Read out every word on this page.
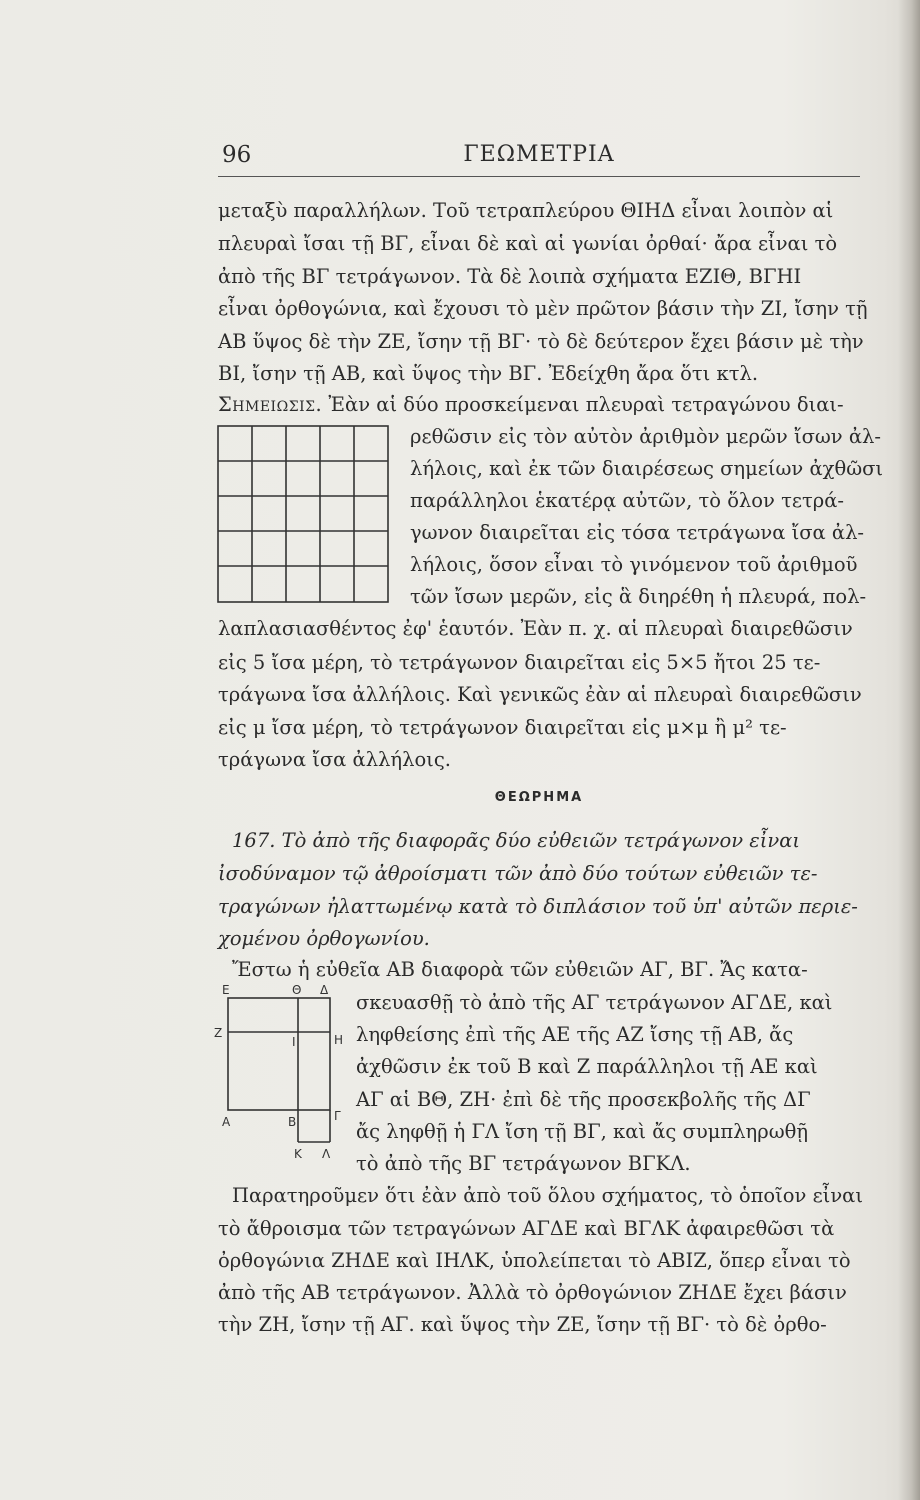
96	ΓΕΩΜΕΤΡΙΑ
μεταξὺ παραλλήλων. Τοῦ τετραπλεύρου ΘΙΗΔ εἶναι λοιπὸν αἱ
πλευραὶ ἴσαι τῇ ΒΓ, εἶναι δὲ καὶ αἱ γωνίαι ὀρθαί· ἄρα εἶναι τὸ
ἀπὸ τῆς ΒΓ τετράγωνον. Τὰ δὲ λοιπὰ σχήματα ΕΖΙΘ, ΒΓΗΙ
εἶναι ὀρθογώνια, καὶ ἔχουσι τὸ μὲν πρῶτον βάσιν τὴν ΖΙ, ἴσην τῇ
ΑΒ ὕψος δὲ τὴν ΖΕ, ἴσην τῇ ΒΓ· τὸ δὲ δεύτερον ἔχει βάσιν μὲ τὴν
ΒΙ, ἴσην τῇ ΑΒ, καὶ ὕψος τὴν ΒΓ. Ἐδείχθη ἄρα ὅτι κτλ.
Σημειωσις. Ἐὰν αἱ δύο προσκείμεναι πλευραὶ τετραγώνου διαι-
ρεθῶσιν εἰς τὸν αὐτὸν ἀριθμὸν μερῶν ἴσων ἀλ-
λήλοις, καὶ ἐκ τῶν διαιρέσεως σημείων ἀχθῶσι
παράλληλοι ἑκατέρᾳ αὐτῶν, τὸ ὅλον τετρά-
γωνον διαιρεῖται εἰς τόσα τετράγωνα ἴσα ἀλ-
λήλοις, ὅσον εἶναι τὸ γινόμενον τοῦ ἀριθμοῦ
τῶν ἴσων μερῶν, εἰς ἃ διηρέθη ἡ πλευρά, πολ-
λαπλασιασθέντος ἐφ' ἑαυτόν. Ἐὰν π. χ. αἱ πλευραὶ διαιρεθῶσιν
εἰς 5 ἴσα μέρη, τὸ τετράγωνον διαιρεῖται εἰς 5×5 ἤτοι 25 τε-
τράγωνα ἴσα ἀλλήλοις. Καὶ γενικῶς ἐὰν αἱ πλευραὶ διαιρεθῶσιν
εἰς μ ἴσα μέρη, τὸ τετράγωνον διαιρεῖται εἰς μ×μ ἢ μ² τε-
τράγωνα ἴσα ἀλλήλοις.
ΘΕΩΡΗΜΑ
167. Τὸ ἀπὸ τῆς διαφορᾶς δύο εὐθειῶν τετράγωνον εἶναι
ἰσοδύναμον τῷ ἀθροίσματι τῶν ἀπὸ δύο τούτων εὐθειῶν τε-
τραγώνων ἠλαττωμένῳ κατὰ τὸ διπλάσιον τοῦ ὑπ' αὐτῶν περιε-
χομένου ὀρθογωνίου.
Ἔστω ἡ εὐθεῖα ΑΒ διαφορὰ τῶν εὐθειῶν ΑΓ, ΒΓ. Ἄς κατα-
Ε	Θ Δ
Ζ
Ι	Η
Α	Β	Γ
Κ Λ
σκευασθῇ τὸ ἀπὸ τῆς ΑΓ τετράγωνον ΑΓΔΕ, καὶ
ληφθείσης ἐπὶ τῆς ΑΕ τῆς ΑΖ ἴσης τῇ ΑΒ, ἄς
ἀχθῶσιν ἐκ τοῦ Β καὶ Ζ παράλληλοι τῇ ΑΕ καὶ
ΑΓ αἱ ΒΘ, ΖΗ· ἐπὶ δὲ τῆς προσεκβολῆς τῆς ΔΓ
ἄς ληφθῇ ἡ ΓΛ ἴση τῇ ΒΓ, καὶ ἄς συμπληρωθῇ
τὸ ἀπὸ τῆς ΒΓ τετράγωνον ΒΓΚΛ.
Παρατηροῦμεν ὅτι ἐὰν ἀπὸ τοῦ ὅλου σχήματος, τὸ ὁποῖον εἶναι
τὸ ἄθροισμα τῶν τετραγώνων ΑΓΔΕ καὶ ΒΓΛΚ ἀφαιρεθῶσι τὰ
ὀρθογώνια ΖΗΔΕ καὶ ΙΗΛΚ, ὑπολείπεται τὸ ΑΒΙΖ, ὅπερ εἶναι τὸ
ἀπὸ τῆς ΑΒ τετράγωνον. Ἀλλὰ τὸ ὀρθογώνιον ΖΗΔΕ ἔχει βάσιν
τὴν ΖΗ, ἴσην τῇ ΑΓ. καὶ ὕψος τὴν ΖΕ, ἴσην τῇ ΒΓ· τὸ δὲ ὀρθο-
